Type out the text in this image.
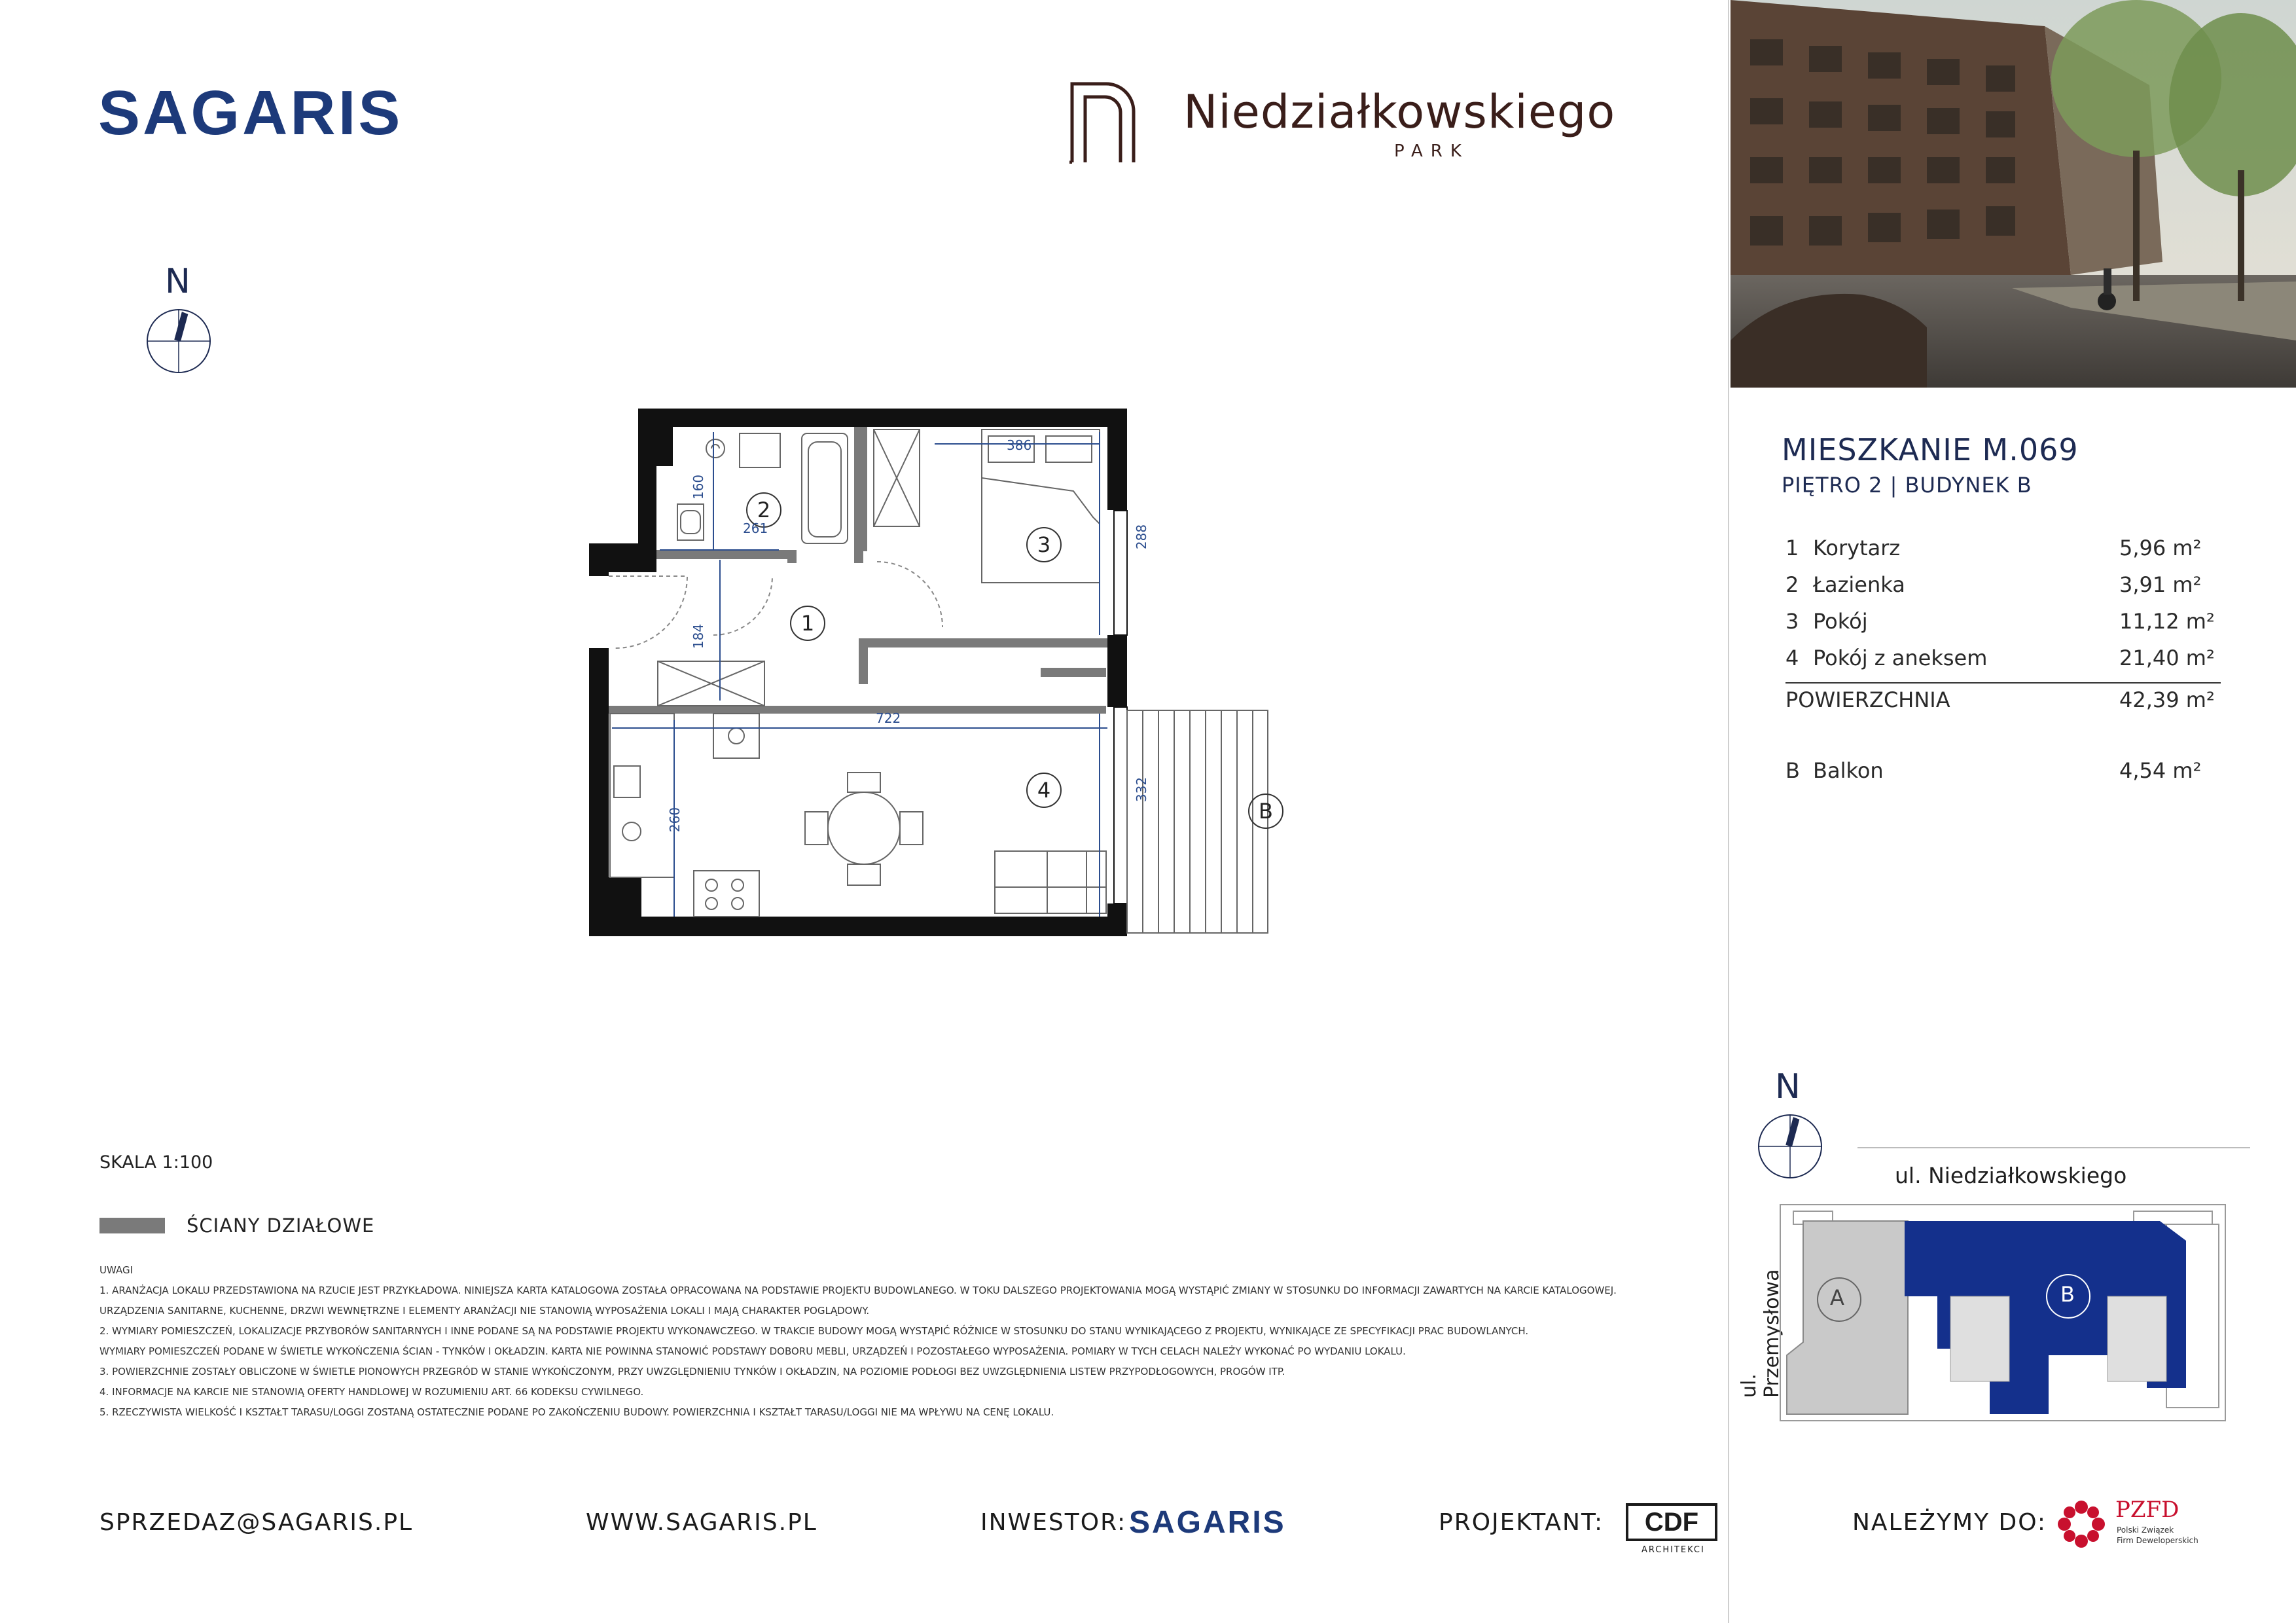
SAGARIS	Niedziałkowskiego
PARK
N
1
2
3
4
B
160
261
386
288
184
722
260
332
SKALA 1:100
ŚCIANY DZIAŁOWE
UWAGI
1. ARANŻACJA LOKALU PRZEDSTAWIONA NA RZUCIE JEST PRZYKŁADOWA. NINIEJSZA KARTA KATALOGOWA ZOSTAŁA OPRACOWANA NA PODSTAWIE PROJEKTU BUDOWLANEGO. W TOKU DALSZEGO PROJEKTOWANIA MOGĄ WYSTĄPIĆ ZMIANY W STOSUNKU DO INFORMACJI ZAWARTYCH NA KARCIE KATALOGOWEJ.
URZĄDZENIA SANITARNE, KUCHENNE, DRZWI WEWNĘTRZNE I ELEMENTY ARANŻACJI NIE STANOWIĄ WYPOSAŻENIA LOKALI I MAJĄ CHARAKTER POGLĄDOWY.
2. WYMIARY POMIESZCZEŃ, LOKALIZACJE PRZYBORÓW SANITARNYCH I INNE PODANE SĄ NA PODSTAWIE PROJEKTU WYKONAWCZEGO. W TRAKCIE BUDOWY MOGĄ WYSTĄPIĆ RÓŻNICE W STOSUNKU DO STANU WYNIKAJĄCEGO Z PROJEKTU, WYNIKAJĄCE ZE SPECYFIKACJI PRAC BUDOWLANYCH.
WYMIARY POMIESZCZEŃ PODANE W ŚWIETLE WYKOŃCZENIA ŚCIAN - TYNKÓW I OKŁADZIN. KARTA NIE POWINNA STANOWIĆ PODSTAWY DOBORU MEBLI, URZĄDZEŃ I POZOSTAŁEGO WYPOSAŻENIA. POMIARY W TYCH CELACH NALEŻY WYKONAĆ PO WYDANIU LOKALU.
3. POWIERZCHNIE ZOSTAŁY OBLICZONE W ŚWIETLE PIONOWYCH PRZEGRÓD W STANIE WYKOŃCZONYM, PRZY UWZGLĘDNIENIU TYNKÓW I OKŁADZIN, NA POZIOMIE PODŁOGI BEZ UWZGLĘDNIENIA LISTEW PRZYPODŁOGOWYCH, PROGÓW ITP.
4. INFORMACJE NA KARCIE NIE STANOWIĄ OFERTY HANDLOWEJ W ROZUMIENIU ART. 66 KODEKSU CYWILNEGO.
5. RZECZYWISTA WIELKOŚĆ I KSZTAŁT TARASU/LOGGI ZOSTANĄ OSTATECZNIE PODANE PO ZAKOŃCZENIU BUDOWY. POWIERZCHNIA I KSZTAŁT TARASU/LOGGI NIE MA WPŁYWU NA CENĘ LOKALU.
MIESZKANIE M.069
PIĘTRO 2 | BUDYNEK B
1 Korytarz	5,96 m²
2 Łazienka	3,91 m²
3 Pokój	11,12 m²
4 Pokój z aneksem	21,40 m²
POWIERZCHNIA	42,39 m²
B Balkon	4,54 m²
N
ul. Niedziałkowskiego
ul. Przemysłowa A	B
SPRZEDAZ@SAGARIS.PL	WWW.SAGARIS.PL	INWESTOR: SAGARIS	PROJEKTANT:	CDF
ARCHITEKCI
NALEŻYMY DO:	PZFD
Polski Związek
Firm Deweloperskich
